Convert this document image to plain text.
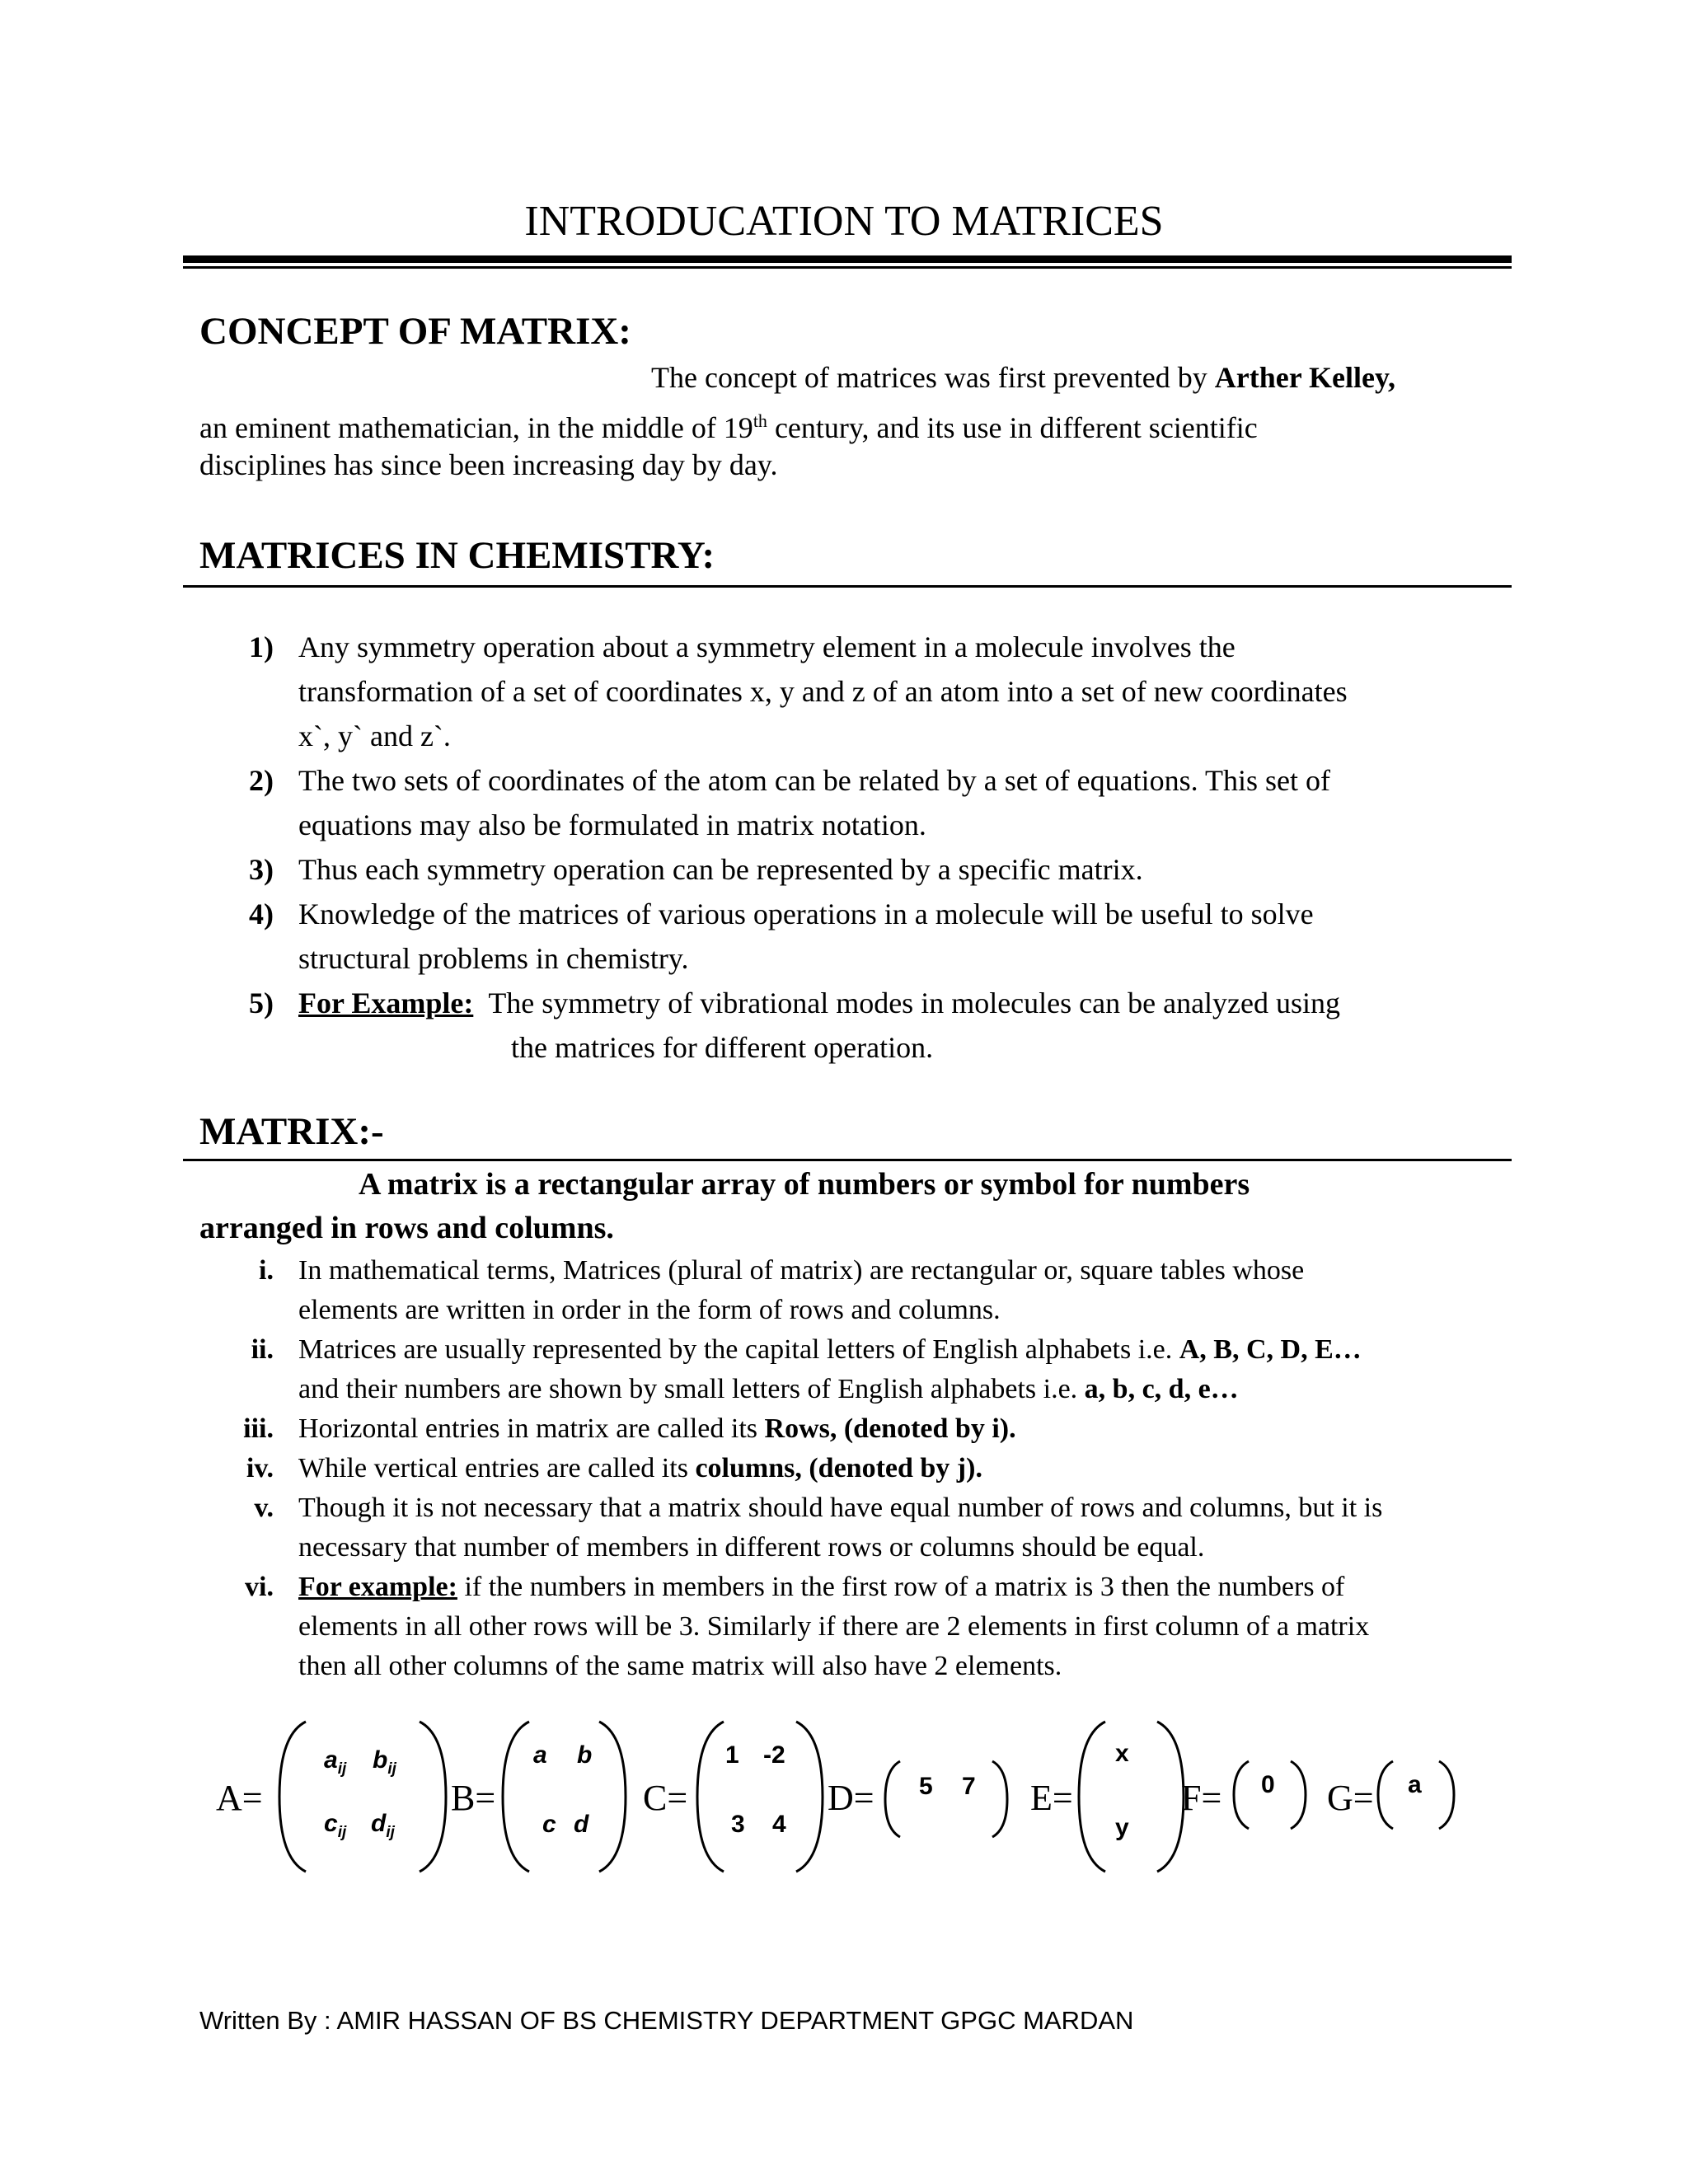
INTRODUCATION TO MATRICES
CONCEPT OF MATRIX:
The concept of matrices was first prevented by Arther Kelley,
an eminent mathematician, in the middle of 19th century, and its use in different scientific
disciplines has since been increasing day by day.
MATRICES IN CHEMISTRY:
1) Any symmetry operation about a symmetry element in a molecule involves the
transformation of a set of coordinates x, y and z of an atom into a set of new coordinates
x`, y` and z`.
2) The two sets of coordinates of the atom can be related by a set of equations. This set of
equations may also be formulated in matrix notation.
3) Thus each symmetry operation can be represented by a specific matrix.
4) Knowledge of the matrices of various operations in a molecule will be useful to solve
structural problems in chemistry.
5) For Example: The symmetry of vibrational modes in molecules can be analyzed using
the matrices for different operation.
MATRIX:-
A matrix is a rectangular array of numbers or symbol for numbers
arranged in rows and columns.
i. In mathematical terms, Matrices (plural of matrix) are rectangular or, square tables whose
elements are written in order in the form of rows and columns.
ii. Matrices are usually represented by the capital letters of English alphabets i.e. A, B, C, D, E…
and their numbers are shown by small letters of English alphabets i.e. a, b, c, d, e…
iii. Horizontal entries in matrix are called its Rows, (denoted by i).
iv. While vertical entries are called its columns, (denoted by j).
v. Though it is not necessary that a matrix should have equal number of rows and columns, but it is
necessary that number of members in different rows or columns should be equal.
vi. For example: if the numbers in members in the first row of a matrix is 3 then the numbers of
elements in all other rows will be 3. Similarly if there are 2 elements in first column of a matrix
then all other columns of the same matrix will also have 2 elements.
A=
$a_{ij}$ $b_{ij}$
$c_{ij}$ $d_{ij}$
B=
a b
c d
C=
1 -2
3 4
D= 5 7 E=
x
y
F= 0 G= a
Written By : AMIR HASSAN OF BS CHEMISTRY DEPARTMENT GPGC MARDAN
